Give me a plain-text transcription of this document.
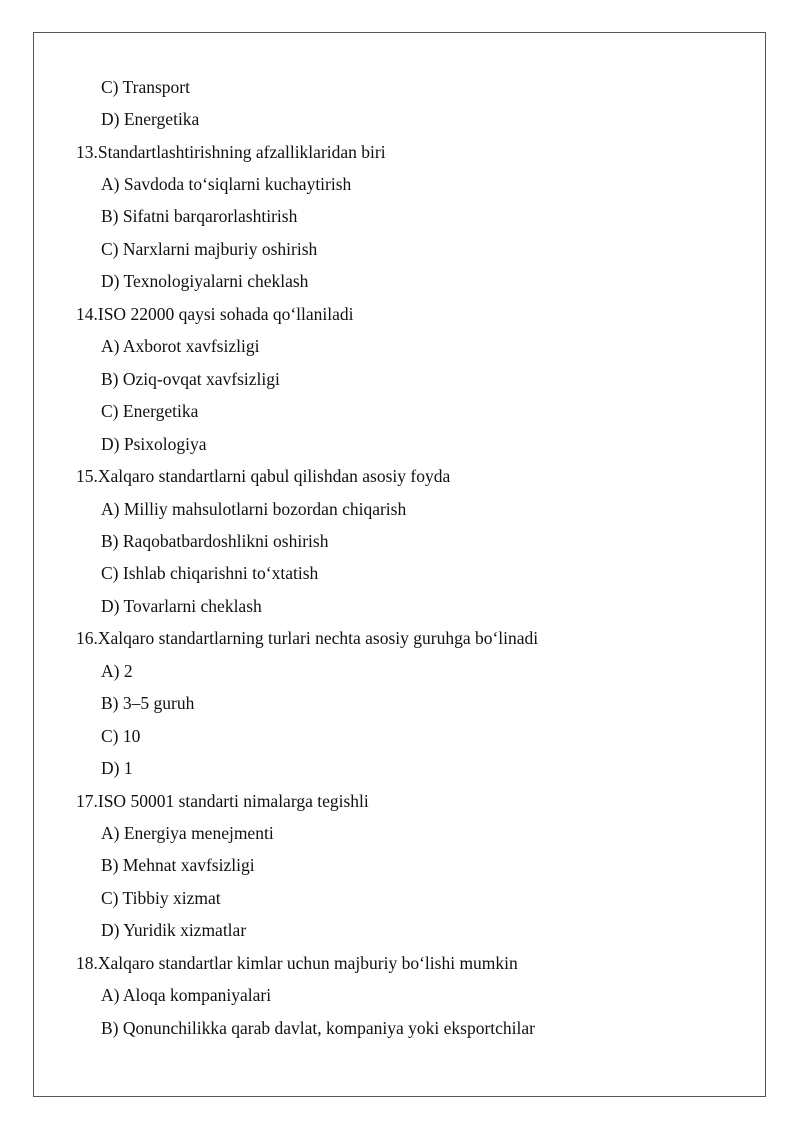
C) Transport
D) Energetika
13.Standartlashtirishning afzalliklaridan biri
A) Savdoda to‘siqlarni kuchaytirish
B) Sifatni barqarorlashtirish
C) Narxlarni majburiy oshirish
D) Texnologiyalarni cheklash
14.ISO 22000 qaysi sohada qo‘llaniladi
A) Axborot xavfsizligi
B) Oziq-ovqat xavfsizligi
C) Energetika
D) Psixologiya
15.Xalqaro standartlarni qabul qilishdan asosiy foyda
A) Milliy mahsulotlarni bozordan chiqarish
B) Raqobatbardoshlikni oshirish
C) Ishlab chiqarishni to‘xtatish
D) Tovarlarni cheklash
16.Xalqaro standartlarning turlari nechta asosiy guruhga bo‘linadi
A) 2
B) 3–5 guruh
C) 10
D) 1
17.ISO 50001 standarti nimalarga tegishli
A) Energiya menejmenti
B) Mehnat xavfsizligi
C) Tibbiy xizmat
D) Yuridik xizmatlar
18.Xalqaro standartlar kimlar uchun majburiy bo‘lishi mumkin
A) Aloqa kompaniyalari
B) Qonunchilikka qarab davlat, kompaniya yoki eksportchilar
